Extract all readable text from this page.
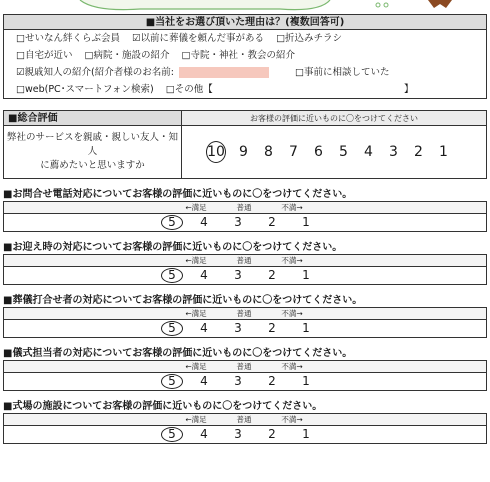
■当社をお選び頂いた理由は？(複数回答可)
□せいなん絆くらぶ会員 ☑以前に葬儀を頼んだ事がある □折込みチラシ
□自宅が近い □病院・施設の紹介 □寺院・神社・教会の紹介
☑親戚知人の紹介(紹介者様のお名前:	□事前に相談していた
□web(PC･スマートフォン検索) □その他【	】
■総合評価	お客様の評価に近いものに〇をつけてください
弊社のサービスを親戚・親しい友人・知人
に薦めたいと思いますか
10	9	8	7	6	5	4	3	2	1
■お問合せ電話対応についてお客様の評価に近いものに〇をつけてください。
←満足	普通	不満→
5	4	3	2	1
■お迎え時の対応についてお客様の評価に近いものに〇をつけてください。
←満足	普通	不満→
5	4	3	2	1
■葬儀打合せ者の対応についてお客様の評価に近いものに〇をつけてください。
←満足	普通	不満→
5	4	3	2	1
■儀式担当者の対応についてお客様の評価に近いものに〇をつけてください。
←満足	普通	不満→
5	4	3	2	1
■式場の施設についてお客様の評価に近いものに〇をつけてください。
←満足	普通	不満→
5	4	3	2	1
